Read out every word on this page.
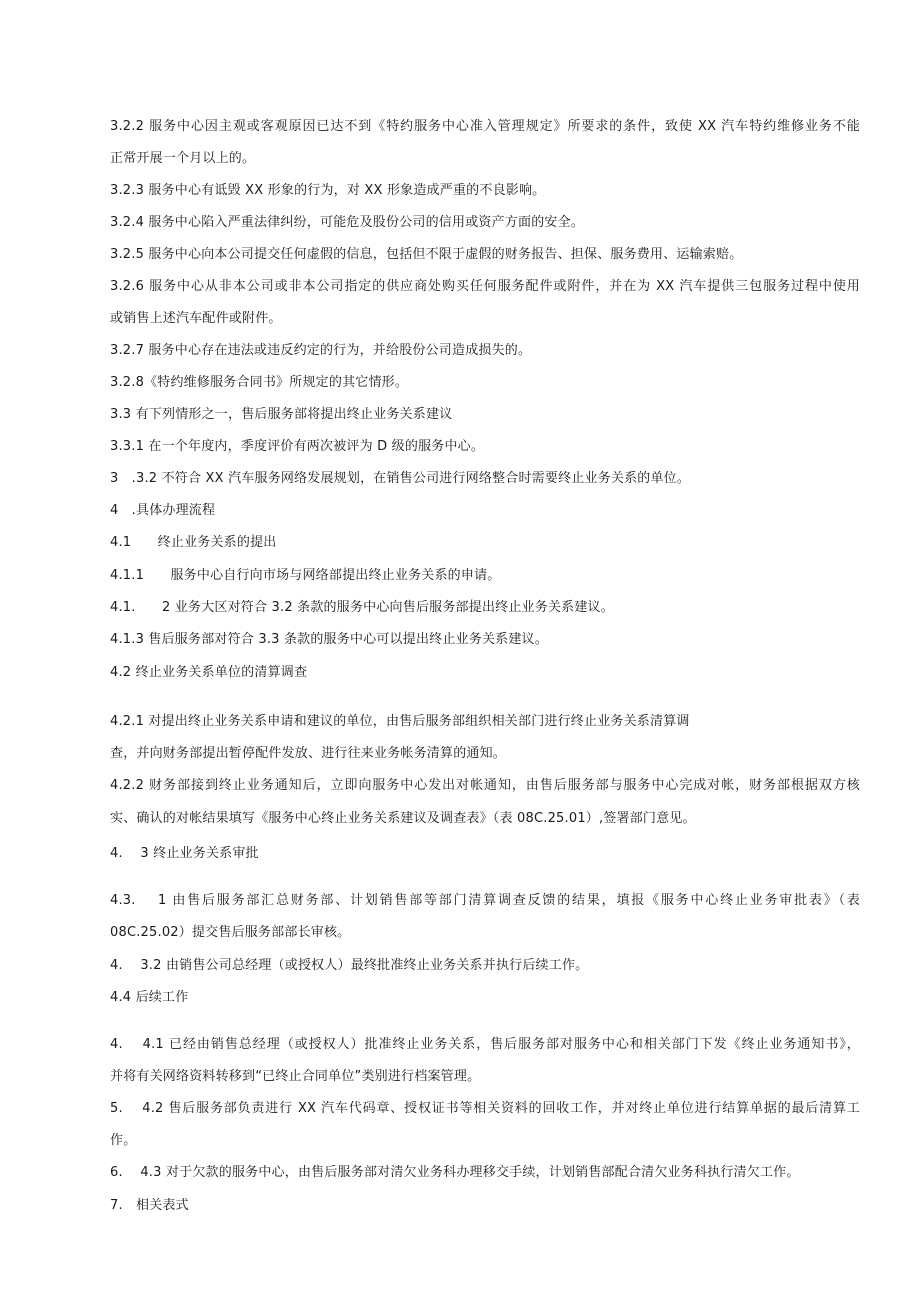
3.2.2 服务中心因主观或客观原因已达不到《特约服务中心准入管理规定》所要求的条件，致使 XX 汽车特约维修业务不能
正常开展一个月以上的。
3.2.3 服务中心有诋毁 XX 形象的行为，对 XX 形象造成严重的不良影响。
3.2.4 服务中心陷入严重法律纠纷，可能危及股份公司的信用或资产方面的安全。
3.2.5 服务中心向本公司提交任何虚假的信息，包括但不限于虚假的财务报告、担保、服务费用、运输索赔。
3.2.6 服务中心从非本公司或非本公司指定的供应商处购买任何服务配件或附件，并在为 XX 汽车提供三包服务过程中使用
或销售上述汽车配件或附件。
3.2.7 服务中心存在违法或违反约定的行为，并给股份公司造成损失的。
3.2.8《特约维修服务合同书》所规定的其它情形。
3.3 有下列情形之一，售后服务部将提出终止业务关系建议
3.3.1 在一个年度内，季度评价有两次被评为 D 级的服务中心。
3　.3.2 不符合 XX 汽车服务网络发展规划，在销售公司进行网络整合时需要终止业务关系的单位。
4　.具体办理流程
4.1　　终止业务关系的提出
4.1.1　　服务中心自行向市场与网络部提出终止业务关系的申请。
4.1.　　2 业务大区对符合 3.2 条款的服务中心向售后服务部提出终止业务关系建议。
4.1.3 售后服务部对符合 3.3 条款的服务中心可以提出终止业务关系建议。
4.2 终止业务关系单位的清算调查
4.2.1 对提出终止业务关系申请和建议的单位，由售后服务部组织相关部门进行终止业务关系清算调
查，并向财务部提出暂停配件发放、进行往来业务帐务清算的通知。
4.2.2 财务部接到终止业务通知后，立即向服务中心发出对帐通知，由售后服务部与服务中心完成对帐，财务部根据双方核
实、确认的对帐结果填写《服务中心终止业务关系建议及调查表》（表 08C.25.01）,签署部门意见。
4.　 3 终止业务关系审批
4.3.　 1 由售后服务部汇总财务部、计划销售部等部门清算调查反馈的结果，填报《服务中心终止业务审批表》（表
08C.25.02）提交售后服务部部长审核。
4.　 3.2 由销售公司总经理（或授权人）最终批准终止业务关系并执行后续工作。
4.4 后续工作
4.　 4.1 已经由销售总经理（或授权人）批准终止业务关系，售后服务部对服务中心和相关部门下发《终止业务通知书》，
并将有关网络资料转移到“已终止合同单位”类别进行档案管理。
5.　 4.2 售后服务部负责进行 XX 汽车代码章、授权证书等相关资料的回收工作，并对终止单位进行结算单据的最后清算工
作。
6.　 4.3 对于欠款的服务中心，由售后服务部对清欠业务科办理移交手续，计划销售部配合清欠业务科执行清欠工作。
7.　相关表式
